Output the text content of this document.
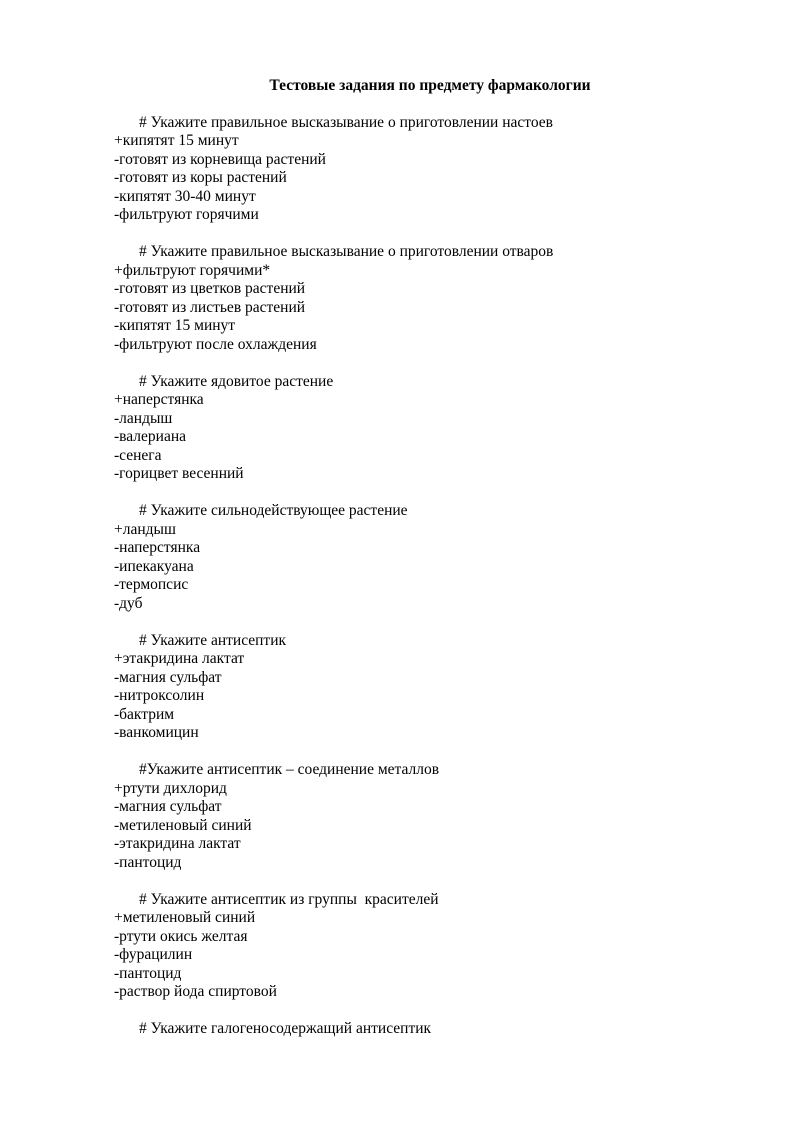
Тестовые задания по предмету фармакологии
# Укажите правильное высказывание о приготовлении настоев
+кипятят 15 минут
-готовят из корневища растений
-готовят из коры растений
-кипятят 30-40 минут
-фильтруют горячими
# Укажите правильное высказывание о приготовлении отваров
+фильтруют горячими*
-готовят из цветков растений
-готовят из листьев растений
-кипятят 15 минут
-фильтруют после охлаждения
# Укажите ядовитое растение
+наперстянка
-ландыш
-валериана
-сенега
-горицвет весенний
# Укажите сильнодействующее растение
+ландыш
-наперстянка
-ипекакуана
-термопсис
-дуб
# Укажите антисептик
+этакридина лактат
-магния сульфат
-нитроксолин
-бактрим
-ванкомицин
#Укажите антисептик – соединение металлов
+ртути дихлорид
-магния сульфат
-метиленовый синий
-этакридина лактат
-пантоцид
# Укажите антисептик из группы  красителей
+метиленовый синий
-ртути окись желтая
-фурацилин
-пантоцид
-раствор йода спиртовой
# Укажите галогеносодержащий антисептик
